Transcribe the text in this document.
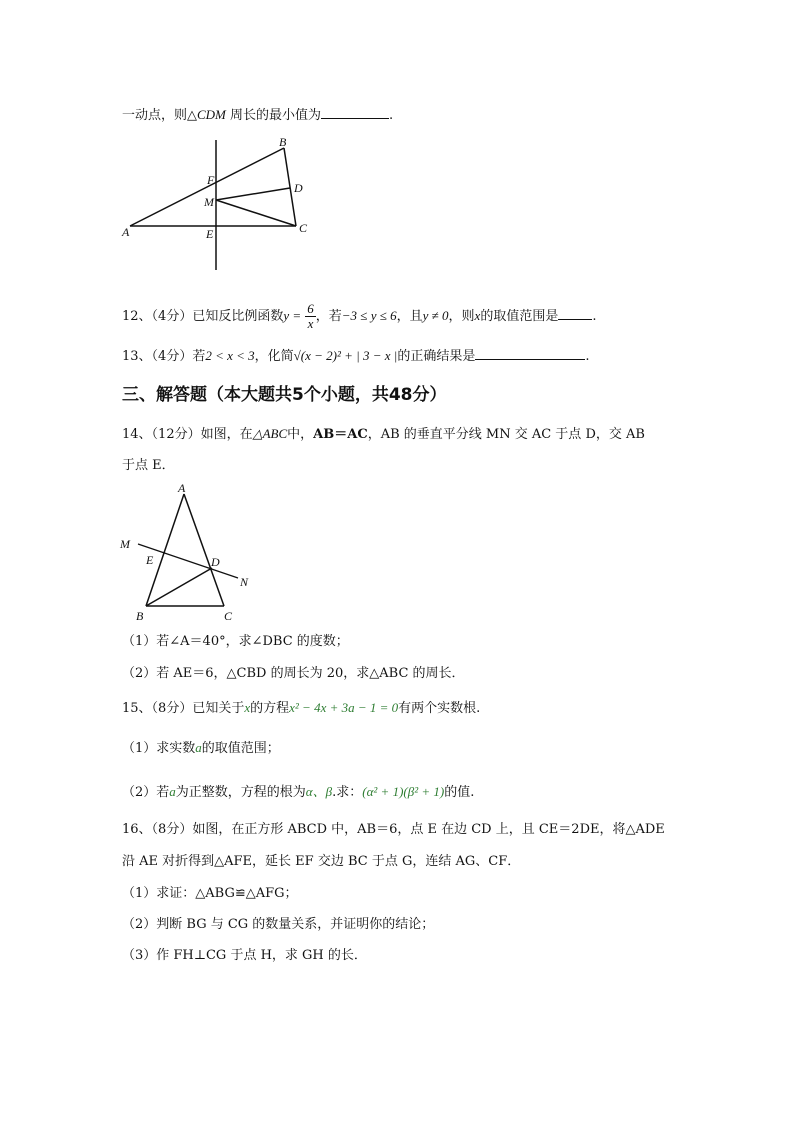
一动点，则△CDM 周长的最小值为	.
A
B
C
D
E
F
M
12、（4分）已知反比例函数$y = \frac{6}{x}$ ，若−3 ≤ y ≤ 6，且y ≠ 0，则x的取值范围是	.
13、（4分）若2 < x < 3，化简√(x − 2)² + | 3 − x |的正确结果是	.
三、解答题（本大题共5个小题，共48分）
14、（12分）如图，在△ABC中，AB＝AC，AB 的垂直平分线 MN 交 AC 于点 D，交 AB
于点 E．
A
B	C
D
E
M
N
（1）若∠A＝40°，求∠DBC 的度数；
（2）若 AE＝6，△CBD 的周长为 20，求△ABC 的周长．
15、（8分）已知关于x的方程x² − 4x + 3a − 1 = 0有两个实数根.
（1）求实数a的取值范围；
（2）若a为正整数，方程的根为α、β.求：(α² + 1)(β² + 1)的值.
16、（8分）如图，在正方形 ABCD 中，AB＝6，点 E 在边 CD 上，且 CE＝2DE，将△ADE
沿 AE 对折得到△AFE，延长 EF 交边 BC 于点 G，连结 AG、CF．
（1）求证：△ABG≌△AFG；
（2）判断 BG 与 CG 的数量关系，并证明你的结论；
（3）作 FH⊥CG 于点 H，求 GH 的长．
